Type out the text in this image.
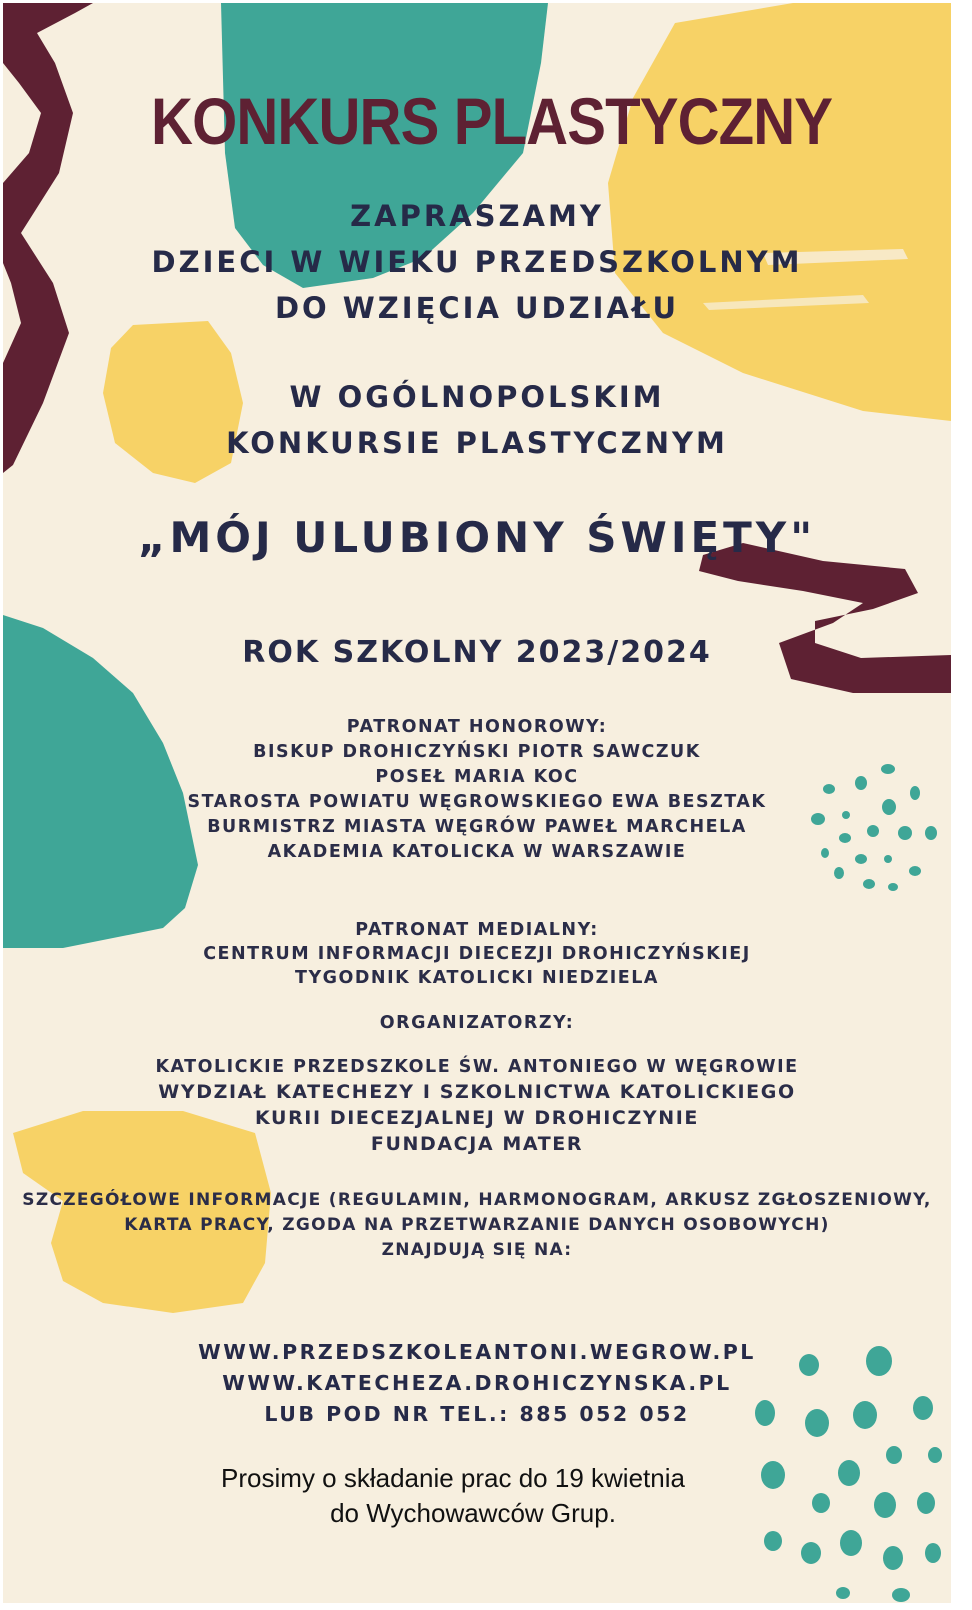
KONKURS PLASTYCZNY
ZAPRASZAMY
DZIECI W WIEKU PRZEDSZKOLNYM
DO WZIĘCIA UDZIAŁU
W OGÓLNOPOLSKIM
KONKURSIE PLASTYCZNYM
„MÓJ ULUBIONY ŚWIĘTY"
ROK SZKOLNY 2023/2024
PATRONAT HONOROWY:
BISKUP DROHICZYŃSKI PIOTR SAWCZUK
POSEŁ MARIA KOC
STAROSTA POWIATU WĘGROWSKIEGO EWA BESZTAK
BURMISTRZ MIASTA WĘGRÓW PAWEŁ MARCHELA
AKADEMIA KATOLICKA W WARSZAWIE
PATRONAT MEDIALNY:
CENTRUM INFORMACJI DIECEZJI DROHICZYŃSKIEJ
TYGODNIK KATOLICKI NIEDZIELA
ORGANIZATORZY:
KATOLICKIE PRZEDSZKOLE ŚW. ANTONIEGO W WĘGROWIE
WYDZIAŁ KATECHEZY I SZKOLNICTWA KATOLICKIEGO
KURII DIECEZJALNEJ W DROHICZYNIE
FUNDACJA MATER
SZCZEGÓŁOWE INFORMACJE (REGULAMIN, HARMONOGRAM, ARKUSZ ZGŁOSZENIOWY,
KARTA PRACY, ZGODA NA PRZETWARZANIE DANYCH OSOBOWYCH)
ZNAJDUJĄ SIĘ NA:
WWW.PRZEDSZKOLEANTONI.WEGROW.PL
WWW.KATECHEZA.DROHICZYNSKA.PL
LUB POD NR TEL.: 885 052 052
Prosimy o składanie prac do 19 kwietnia
do Wychowawców Grup.
